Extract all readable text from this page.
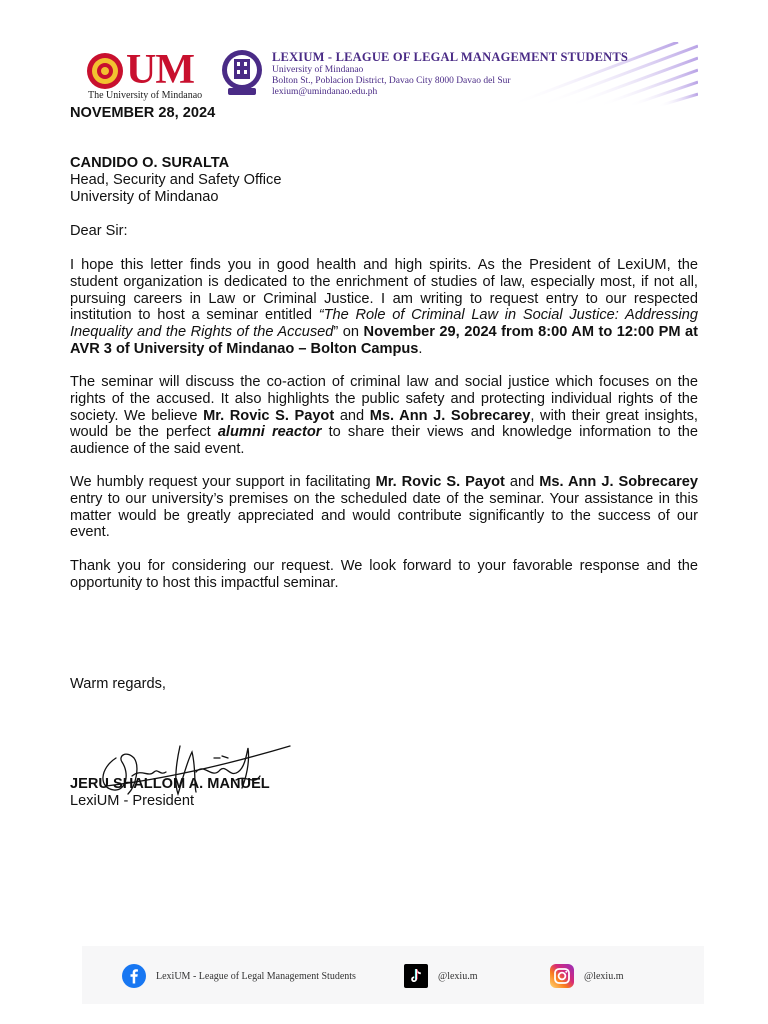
UM
The University of Mindanao
LEXIUM - LEAGUE OF LEGAL MANAGEMENT STUDENTS
University of Mindanao
Bolton St., Poblacion District, Davao City 8000 Davao del Sur
lexium@umindanao.edu.ph
NOVEMBER 28, 2024
CANDIDO O. SURALTA
Head, Security and Safety Office
University of Mindanao
Dear Sir:

I hope this letter finds you in good health and high spirits. As the President of LexiUM, the student organization is dedicated to the enrichment of studies of law, especially most, if not all, pursuing careers in Law or Criminal Justice. I am writing to request entry to our respected institution to host a seminar entitled “The Role of Criminal Law in Social Justice: Addressing Inequality and the Rights of the Accused” on November 29, 2024 from 8:00 AM to 12:00 PM at AVR 3 of University of Mindanao – Bolton Campus.

The seminar will discuss the co-action of criminal law and social justice which focuses on the rights of the accused. It also highlights the public safety and protecting individual rights of the society. We believe Mr. Rovic S. Payot and Ms. Ann J. Sobrecarey, with their great insights, would be the perfect alumni reactor to share their views and knowledge information to the audience of the said event.

We humbly request your support in facilitating Mr. Rovic S. Payot and Ms. Ann J. Sobrecarey entry to our university’s premises on the scheduled date of the seminar. Your assistance in this matter would be greatly appreciated and would contribute significantly to the success of our event.

Thank you for considering our request. We look forward to your favorable response and the opportunity to host this impactful seminar.

Warm regards,
JERU SHALLOM A. MANUEL
LexiUM - President
LexiUM - League of Legal Management Students	@lexiu.m	@lexiu.m
